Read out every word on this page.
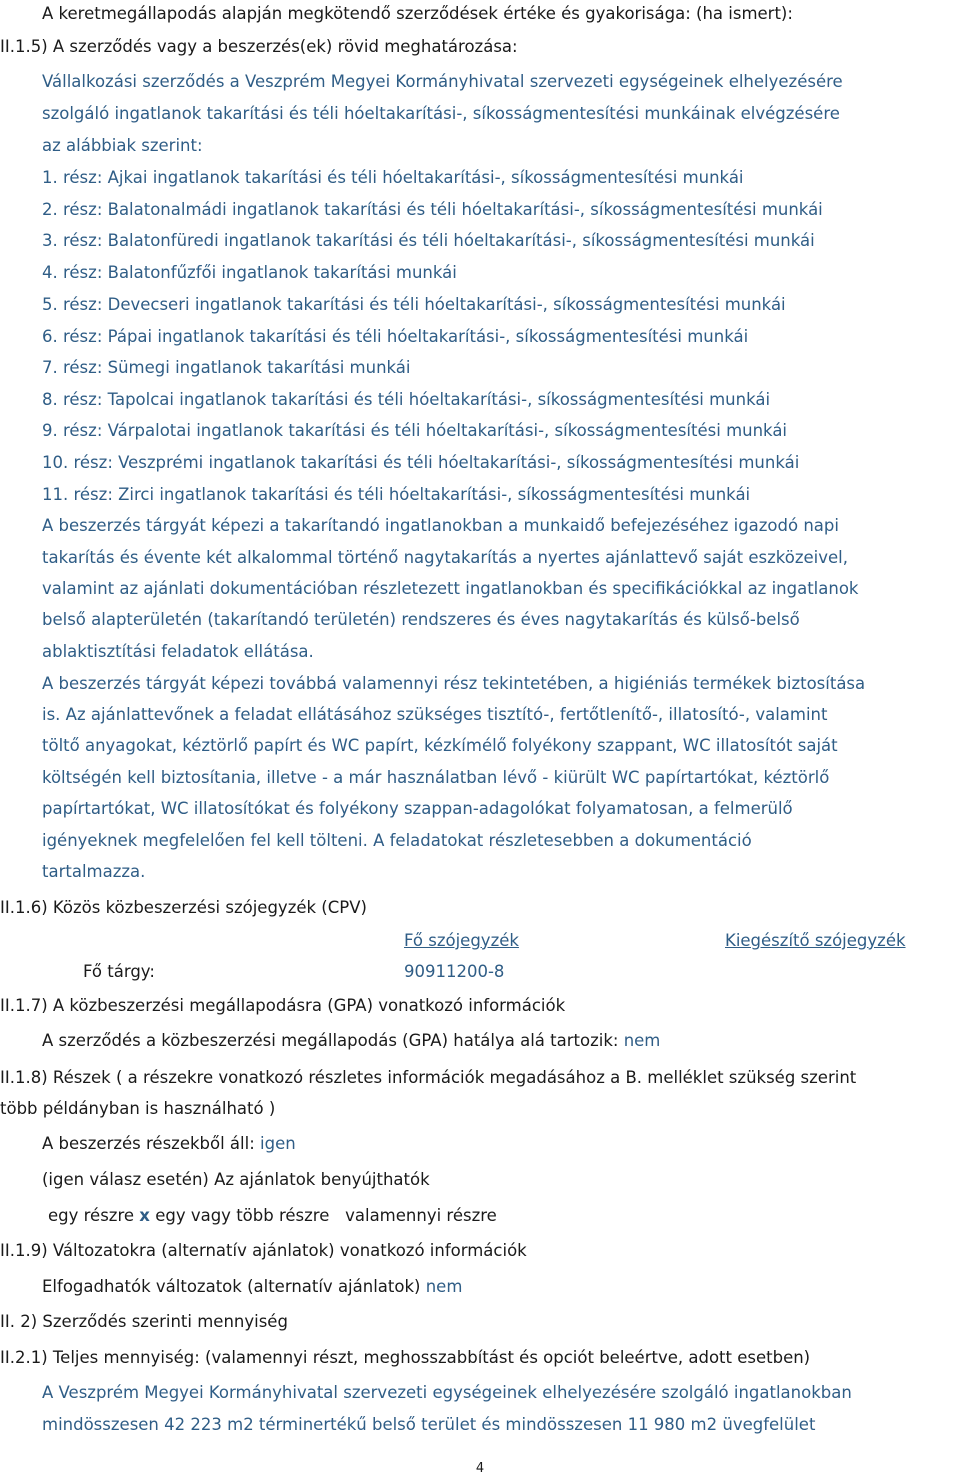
A keretmegállapodás alapján megkötendő szerződések értéke és gyakorisága: (ha ismert):
II.1.5) A szerződés vagy a beszerzés(ek) rövid meghatározása:
Vállalkozási szerződés a Veszprém Megyei Kormányhivatal szervezeti egységeinek elhelyezésére
szolgáló ingatlanok takarítási és téli hóeltakarítási-, síkosságmentesítési munkáinak elvégzésére
az alábbiak szerint:
1. rész: Ajkai ingatlanok takarítási és téli hóeltakarítási-, síkosságmentesítési munkái
2. rész: Balatonalmádi ingatlanok takarítási és téli hóeltakarítási-, síkosságmentesítési munkái
3. rész: Balatonfüredi ingatlanok takarítási és téli hóeltakarítási-, síkosságmentesítési munkái
4. rész: Balatonfűzfői ingatlanok takarítási munkái
5. rész: Devecseri ingatlanok takarítási és téli hóeltakarítási-, síkosságmentesítési munkái
6. rész: Pápai ingatlanok takarítási és téli hóeltakarítási-, síkosságmentesítési munkái
7. rész: Sümegi ingatlanok takarítási munkái
8. rész: Tapolcai ingatlanok takarítási és téli hóeltakarítási-, síkosságmentesítési munkái
9. rész: Várpalotai ingatlanok takarítási és téli hóeltakarítási-, síkosságmentesítési munkái
10. rész: Veszprémi ingatlanok takarítási és téli hóeltakarítási-, síkosságmentesítési munkái
11. rész: Zirci ingatlanok takarítási és téli hóeltakarítási-, síkosságmentesítési munkái
A beszerzés tárgyát képezi a takarítandó ingatlanokban a munkaidő befejezéséhez igazodó napi
takarítás és évente két alkalommal történő nagytakarítás a nyertes ajánlattevő saját eszközeivel,
valamint az ajánlati dokumentációban részletezett ingatlanokban és specifikációkkal az ingatlanok
belső alapterületén (takarítandó területén) rendszeres és éves nagytakarítás és külső-belső
ablaktisztítási feladatok ellátása.
A beszerzés tárgyát képezi továbbá valamennyi rész tekintetében, a higiéniás termékek biztosítása
is. Az ajánlattevőnek a feladat ellátásához szükséges tisztító-, fertőtlenítő-, illatosító-, valamint
töltő anyagokat, kéztörlő papírt és WC papírt, kézkímélő folyékony szappant, WC illatosítót saját
költségén kell biztosítania, illetve - a már használatban lévő - kiürült WC papírtartókat, kéztörlő
papírtartókat, WC illatosítókat és folyékony szappan-adagolókat folyamatosan, a felmerülő
igényeknek megfelelően fel kell tölteni. A feladatokat részletesebben a dokumentáció
tartalmazza.
II.1.6) Közös közbeszerzési szójegyzék (CPV)
Fő szójegyzék	Kiegészítő szójegyzék
Fő tárgy:	90911200-8
II.1.7) A közbeszerzési megállapodásra (GPA) vonatkozó információk
A szerződés a közbeszerzési megállapodás (GPA) hatálya alá tartozik: nem
II.1.8) Részek ( a részekre vonatkozó részletes információk megadásához a B. melléklet szükség szerint
több példányban is használható )
A beszerzés részekből áll: igen
(igen válasz esetén) Az ajánlatok benyújthatók
egy részre x egy vagy több részre valamennyi részre
II.1.9) Változatokra (alternatív ajánlatok) vonatkozó információk
Elfogadhatók változatok (alternatív ajánlatok) nem
II. 2) Szerződés szerinti mennyiség
II.2.1) Teljes mennyiség: (valamennyi részt, meghosszabbítást és opciót beleértve, adott esetben)
A Veszprém Megyei Kormányhivatal szervezeti egységeinek elhelyezésére szolgáló ingatlanokban
mindösszesen 42 223 m2 términertékű belső terület és mindösszesen 11 980 m2 üvegfelület
4
